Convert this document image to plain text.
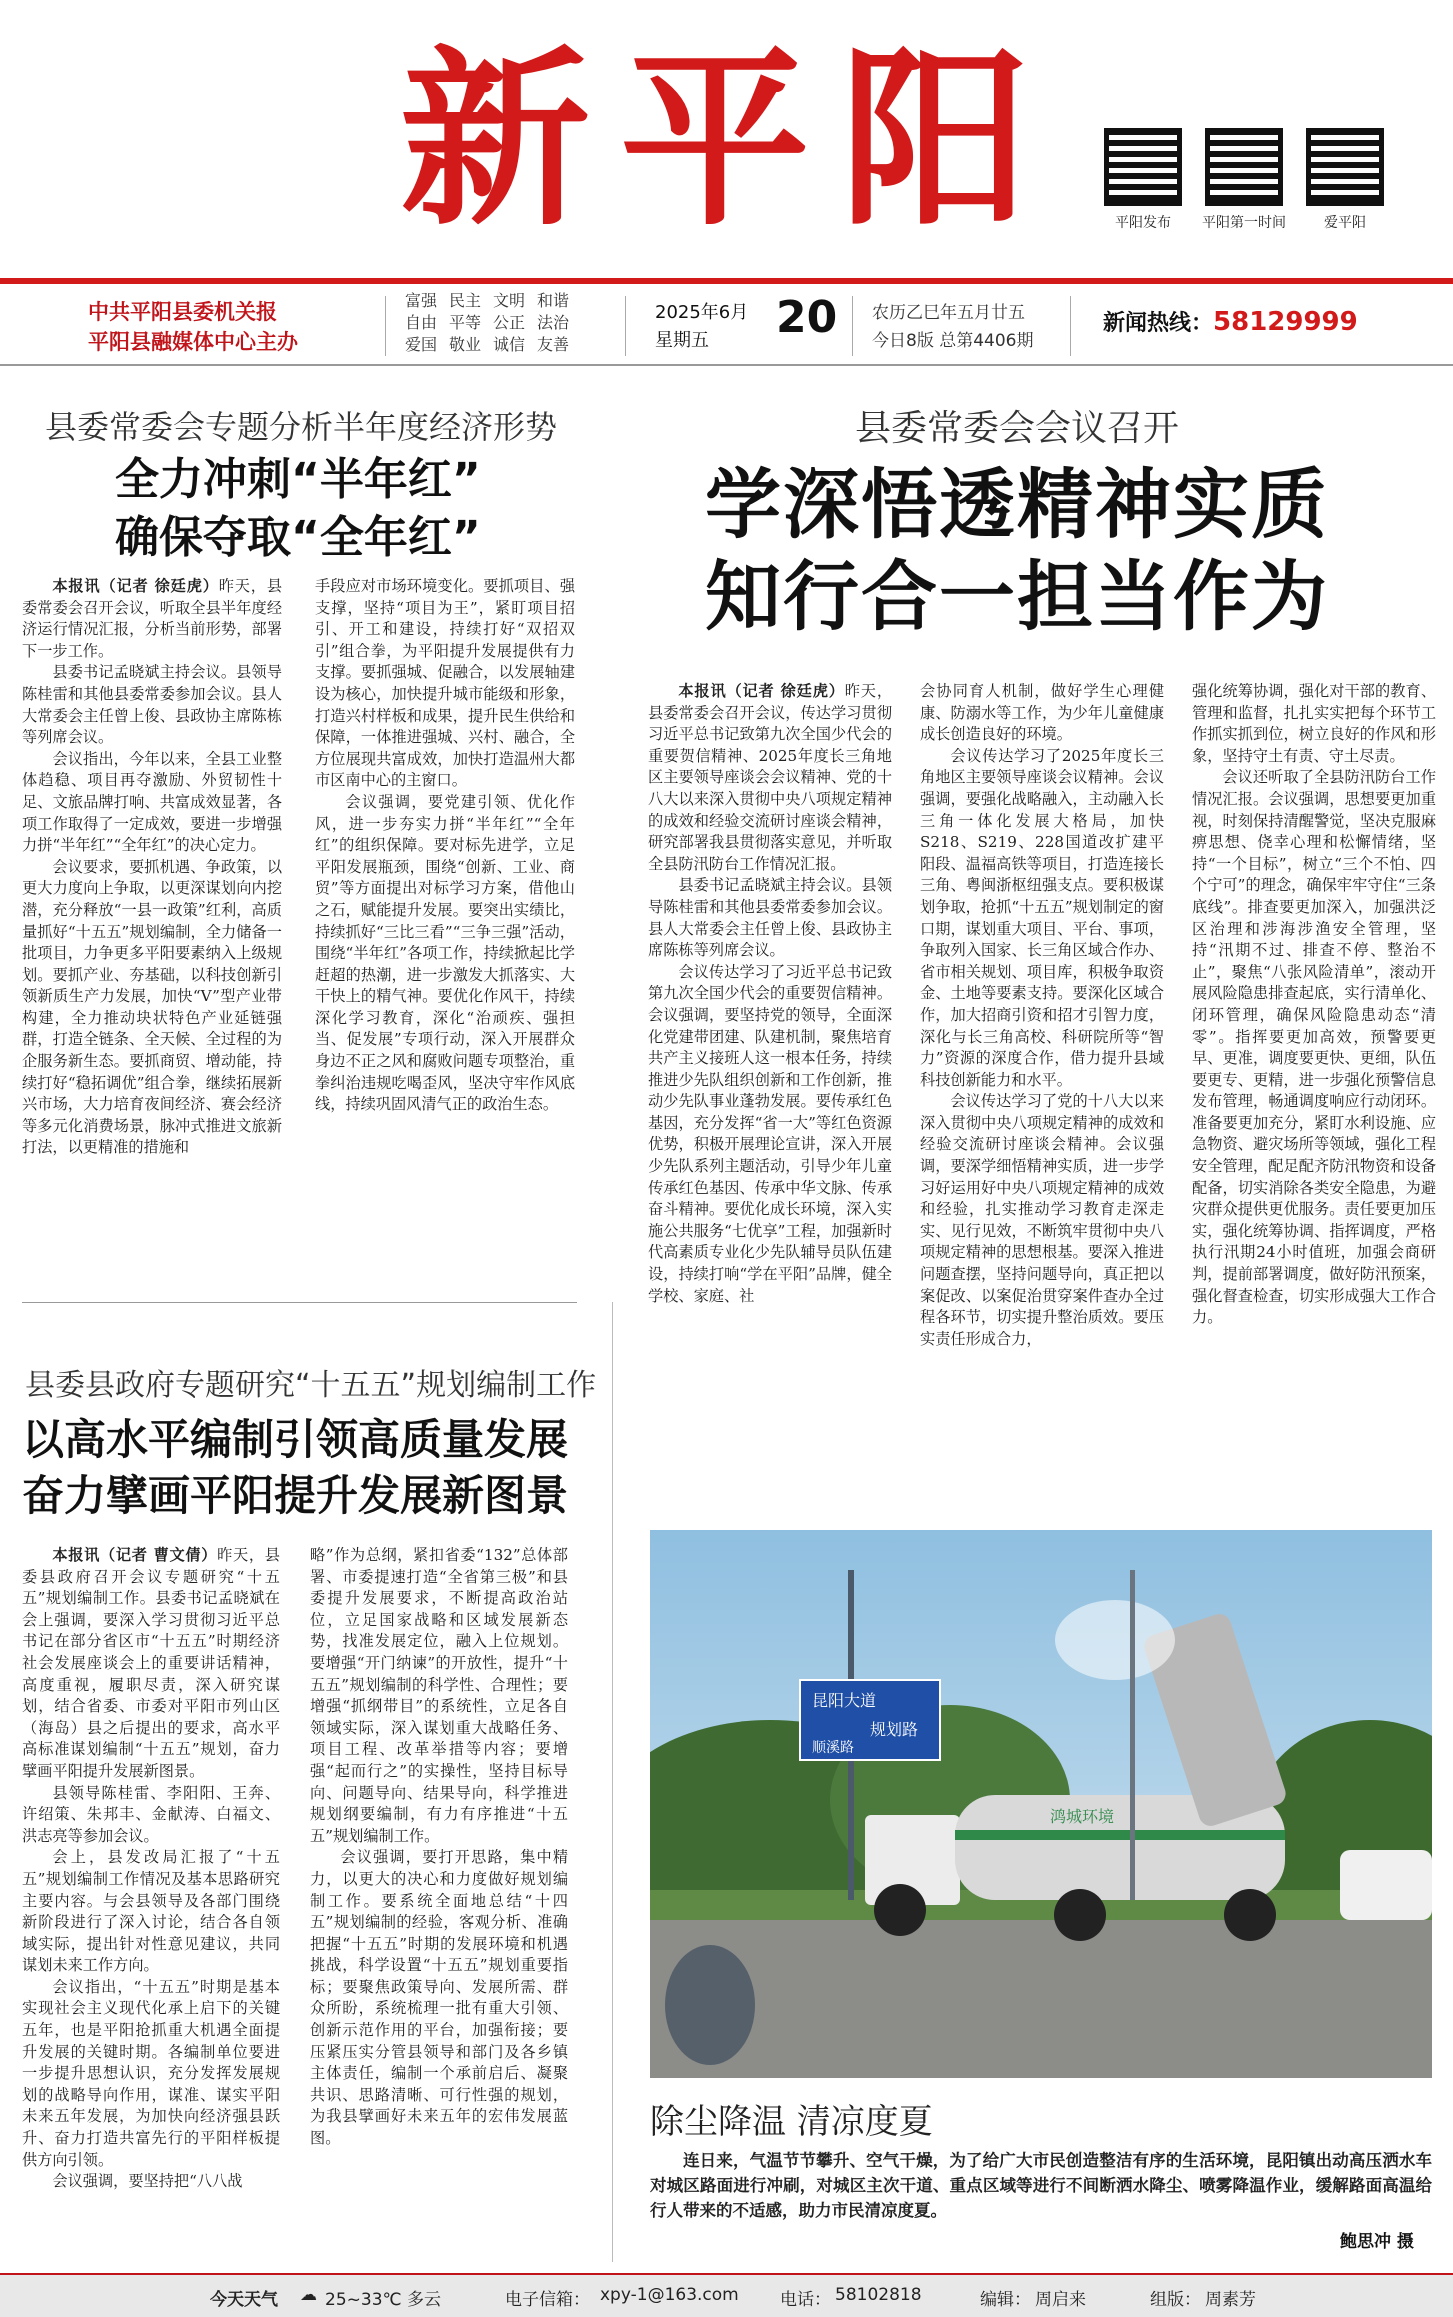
新平阳	平阳发布	平阳第一时间	爱平阳
中共平阳县委机关报
平阳县融媒体中心主办
富强 民主 文明 和谐
自由 平等 公正 法治
爱国 敬业 诚信 友善
2025年6月
星期五 20 农历乙巳年五月廿五
今日8版 总第4406期
新闻热线：58129999
县委常委会专题分析半年度经济形势
全力冲刺“半年红”
确保夺取“全年红”

本报讯（记者 徐廷虎）昨天，县委常委会召开会议，听取全县半年度经济运行情况汇报，分析当前形势，部署下一步工作。

县委书记孟晓斌主持会议。县领导陈桂雷和其他县委常委参加会议。县人大常委会主任曾上俊、县政协主席陈栋等列席会议。

会议指出，今年以来，全县工业整体趋稳、项目再夺激励、外贸韧性十足、文旅品牌打响、共富成效显著，各项工作取得了一定成效，要进一步增强力拼“半年红”“全年红”的决心定力。

会议要求，要抓机遇、争政策，以更大力度向上争取，以更深谋划向内挖潜，充分释放“一县一政策”红利，高质量抓好“十五五”规划编制，全力储备一批项目，力争更多平阳要素纳入上级规划。要抓产业、夯基础，以科技创新引领新质生产力发展，加快“V”型产业带构建，全力推动块状特色产业延链强群，打造全链条、全天候、全过程的为企服务新生态。要抓商贸、增动能，持续打好“稳拓调优”组合拳，继续拓展新兴市场，大力培育夜间经济、赛会经济等多元化消费场景，脉冲式推进文旅新打法，以更精准的措施和

手段应对市场环境变化。要抓项目、强支撑，坚持“项目为王”，紧盯项目招引、开工和建设，持续打好“双招双引”组合拳，为平阳提升发展提供有力支撑。要抓强城、促融合，以发展轴建设为核心，加快提升城市能级和形象，打造兴村样板和成果，提升民生供给和保障，一体推进强城、兴村、融合，全方位展现共富成效，加快打造温州大都市区南中心的主窗口。

会议强调，要党建引领、优化作风，进一步夯实力拼“半年红”“全年红”的组织保障。要对标先进学，立足平阳发展瓶颈，围绕“创新、工业、商贸”等方面提出对标学习方案，借他山之石，赋能提升发展。要突出实绩比，持续抓好“三比三看”“三争三强”活动，围绕“半年红”各项工作，持续掀起比学赶超的热潮，进一步激发大抓落实、大干快上的精气神。要优化作风干，持续深化学习教育，深化“治顽疾、强担当、促发展”专项行动，深入开展群众身边不正之风和腐败问题专项整治，重拳纠治违规吃喝歪风，坚决守牢作风底线，持续巩固风清气正的政治生态。

县委常委会会议召开
学深悟透精神实质
知行合一担当作为

本报讯（记者 徐廷虎）昨天，县委常委会召开会议，传达学习贯彻习近平总书记致第九次全国少代会的重要贺信精神、2025年度长三角地区主要领导座谈会会议精神、党的十八大以来深入贯彻中央八项规定精神的成效和经验交流研讨座谈会精神，研究部署我县贯彻落实意见，并听取全县防汛防台工作情况汇报。

县委书记孟晓斌主持会议。县领导陈桂雷和其他县委常委参加会议。县人大常委会主任曾上俊、县政协主席陈栋等列席会议。

会议传达学习了习近平总书记致第九次全国少代会的重要贺信精神。会议强调，要坚持党的领导，全面深化党建带团建、队建机制，聚焦培育共产主义接班人这一根本任务，持续推进少先队组织创新和工作创新，推动少先队事业蓬勃发展。要传承红色基因，充分发挥“省一大”等红色资源优势，积极开展理论宣讲，深入开展少先队系列主题活动，引导少年儿童传承红色基因、传承中华文脉、传承奋斗精神。要优化成长环境，深入实施公共服务“七优享”工程，加强新时代高素质专业化少先队辅导员队伍建设，持续打响“学在平阳”品牌，健全学校、家庭、社

会协同育人机制，做好学生心理健康、防溺水等工作，为少年儿童健康成长创造良好的环境。

会议传达学习了2025年度长三角地区主要领导座谈会议精神。会议强调，要强化战略融入，主动融入长三角一体化发展大格局，加快S218、S219、228国道改扩建平阳段、温福高铁等项目，打造连接长三角、粤闽浙枢纽强支点。要积极谋划争取，抢抓“十五五”规划制定的窗口期，谋划重大项目、平台、事项，争取列入国家、长三角区域合作办、省市相关规划、项目库，积极争取资金、土地等要素支持。要深化区域合作，加大招商引资和招才引智力度，深化与长三角高校、科研院所等“智力”资源的深度合作，借力提升县域科技创新能力和水平。

会议传达学习了党的十八大以来深入贯彻中央八项规定精神的成效和经验交流研讨座谈会精神。会议强调，要深学细悟精神实质，进一步学习好运用好中央八项规定精神的成效和经验，扎实推动学习教育走深走实、见行见效，不断筑牢贯彻中央八项规定精神的思想根基。要深入推进问题查摆，坚持问题导向，真正把以案促改、以案促治贯穿案件查办全过程各环节，切实提升整治质效。要压实责任形成合力，

强化统筹协调，强化对干部的教育、管理和监督，扎扎实实把每个环节工作抓实抓到位，树立良好的作风和形象，坚持守土有责、守土尽责。

会议还听取了全县防汛防台工作情况汇报。会议强调，思想要更加重视，时刻保持清醒警觉，坚决克服麻痹思想、侥幸心理和松懈情绪，坚持“一个目标”，树立“三个不怕、四个宁可”的理念，确保牢牢守住“三条底线”。排查要更加深入，加强洪泛区治理和涉海涉渔安全管理，坚持“汛期不过、排查不停、整治不止”，聚焦“八张风险清单”，滚动开展风险隐患排查起底，实行清单化、闭环管理，确保风险隐患动态“清零”。指挥要更加高效，预警要更早、更准，调度要更快、更细，队伍要更专、更精，进一步强化预警信息发布管理，畅通调度响应行动闭环。准备要更加充分，紧盯水利设施、应急物资、避灾场所等领域，强化工程安全管理，配足配齐防汛物资和设备配备，切实消除各类安全隐患，为避灾群众提供更优服务。责任要更加压实，强化统筹协调、指挥调度，严格执行汛期24小时值班，加强会商研判，提前部署调度，做好防汛预案，强化督查检查，切实形成强大工作合力。

县委县政府专题研究“十五五”规划编制工作
以高水平编制引领高质量发展
奋力擘画平阳提升发展新图景

本报讯（记者 曹文倩）昨天，县委县政府召开会议专题研究“十五五”规划编制工作。县委书记孟晓斌在会上强调，要深入学习贯彻习近平总书记在部分省区市“十五五”时期经济社会发展座谈会上的重要讲话精神，高度重视，履职尽责，深入研究谋划，结合省委、市委对平阳市列山区（海岛）县之后提出的要求，高水平高标准谋划编制“十五五”规划，奋力擘画平阳提升发展新图景。

县领导陈桂雷、李阳阳、王奔、许绍策、朱邦丰、金献涛、白福文、洪志亮等参加会议。

会上，县发改局汇报了“十五五”规划编制工作情况及基本思路研究主要内容。与会县领导及各部门围绕新阶段进行了深入讨论，结合各自领域实际，提出针对性意见建议，共同谋划未来工作方向。

会议指出，“十五五”时期是基本实现社会主义现代化承上启下的关键五年，也是平阳抢抓重大机遇全面提升发展的关键时期。各编制单位要进一步提升思想认识，充分发挥发展规划的战略导向作用，谋准、谋实平阳未来五年发展，为加快向经济强县跃升、奋力打造共富先行的平阳样板提供方向引领。

会议强调，要坚持把“八八战

略”作为总纲，紧扣省委“132”总体部署、市委提速打造“全省第三极”和县委提升发展要求，不断提高政治站位，立足国家战略和区域发展新态势，找准发展定位，融入上位规划。要增强“开门纳谏”的开放性，提升“十五五”规划编制的科学性、合理性；要增强“抓纲带目”的系统性，立足各自领域实际，深入谋划重大战略任务、项目工程、改革举措等内容；要增强“起而行之”的实操性，坚持目标导向、问题导向、结果导向，科学推进规划纲要编制，有力有序推进“十五五”规划编制工作。

会议强调，要打开思路，集中精力，以更大的决心和力度做好规划编制工作。要系统全面地总结“十四五”规划编制的经验，客观分析、准确把握“十五五”时期的发展环境和机遇挑战，科学设置“十五五”规划重要指标；要聚焦政策导向、发展所需、群众所盼，系统梳理一批有重大引领、创新示范作用的平台，加强衔接；要压紧压实分管县领导和部门及各乡镇主体责任，编制一个承前启后、凝聚共识、思路清晰、可行性强的规划，为我县擘画好未来五年的宏伟发展蓝图。

昆阳大道
规划路
顺溪路
鸿城环境
除尘降温 清凉度夏
连日来，气温节节攀升、空气干燥，为了给广大市民创造整洁有序的生活环境，昆阳镇出动高压洒水车对城区路面进行冲刷，对城区主次干道、重点区域等进行不间断洒水降尘、喷雾降温作业，缓解路面高温给行人带来的不适感，助力市民清凉度夏。
鲍思冲 摄
今天天气 ☁ 25~33℃ 多云	电子信箱： xpy-1@163.com 电话： 58102818	编辑： 周启来	组版： 周素芳
